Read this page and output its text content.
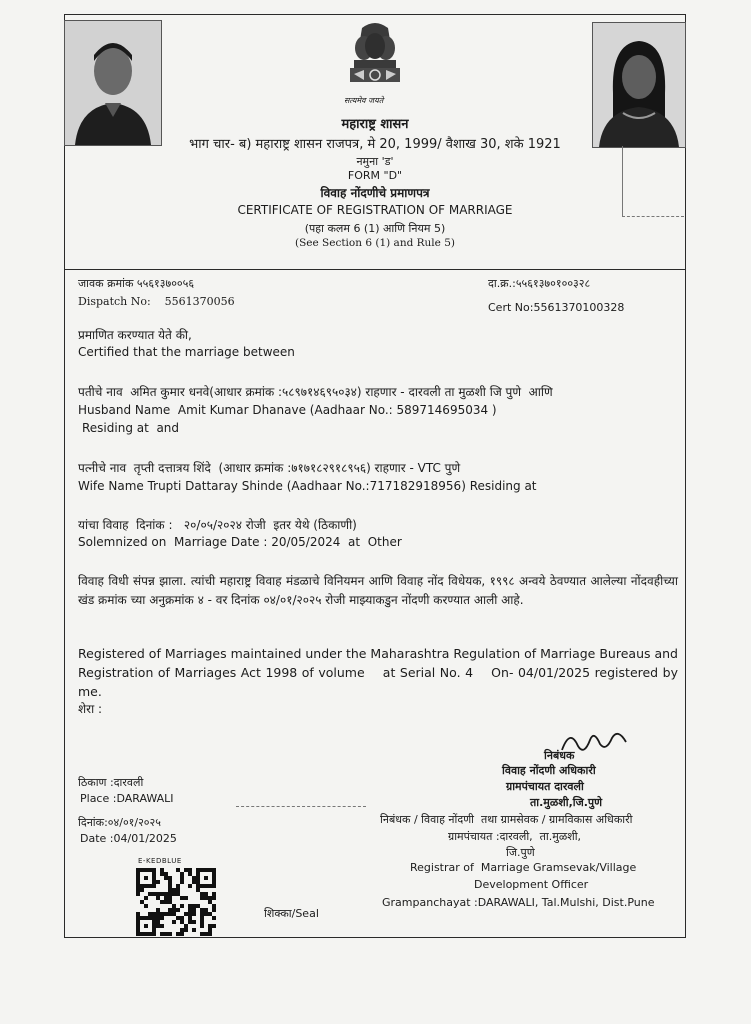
सत्यमेव जयते
महाराष्ट्र शासन
भाग चार- ब) महाराष्ट्र शासन राजपत्र, मे 20, 1999/ वैशाख 30, शके 1921
नमुना 'ड'
FORM "D"
विवाह नोंदणीचे प्रमाणपत्र
CERTIFICATE OF REGISTRATION OF MARRIAGE
(पहा कलम 6 (1) आणि नियम 5)
(See Section 6 (1) and Rule 5)
जावक क्रमांक ५५६१३७००५६
Dispatch No:    5561370056
दा.क्र.:५५६१३७०१००३२८
Cert No:5561370100328
प्रमाणित करण्यात येते की,
Certified that the marriage between
पतीचे नाव  अमित कुमार धनवे(आधार क्रमांक :५८९७१४६९५०३४) राहणार - दारवली ता मुळशी जि पुणे  आणि
Husband Name  Amit Kumar Dhanave (Aadhaar No.: 589714695034 )
Residing at  and
पत्नीचे नाव  तृप्ती दत्तात्रय शिंदे  (आधार क्रमांक :७१७१८२९१८९५६) राहणार - VTC पुणे
Wife Name Trupti Dattaray Shinde (Aadhaar No.:717182918956) Residing at
यांचा विवाह  दिनांक :   २०/०५/२०२४ रोजी  इतर येथे (ठिकाणी)
Solemnized on  Marriage Date : 20/05/2024  at  Other
विवाह विधी संपन्न झाला. त्यांची महाराष्ट्र विवाह मंडळाचे विनियमन आणि विवाह नोंद विधेयक, १९९८ अन्वये ठेवण्यात आलेल्या नोंदवहीच्या खंड क्रमांक च्या अनुक्रमांक ४ - वर दिनांक ०४/०१/२०२५ रोजी माझ्याकडुन नोंदणी करण्यात आली आहे.
Registered of Marriages maintained under the Maharashtra Regulation of Marriage Bureaus and Registration of Marriages Act 1998 of volume    at Serial No. 4    On- 04/01/2025 registered by me.
शेरा :
ठिकाण :दारवली
Place :DARAWALI
दिनांक:०४/०१/२०२५
Date :04/01/2025
E-KEDBLUE
शिक्का/Seal
निबंधक
विवाह नोंदणी अधिकारी
ग्रामपंचायत दारवली
ता.मुळशी,जि.पुणे
निबंधक / विवाह नोंदणी  तथा ग्रामसेवक / ग्रामविकास अधिकारी
ग्रामपंचायत :दारवली,  ता.मुळशी,
जि.पुणे
Registrar of  Marriage Gramsevak/Village
Development Officer
Grampanchayat :DARAWALI, Tal.Mulshi, Dist.Pune
